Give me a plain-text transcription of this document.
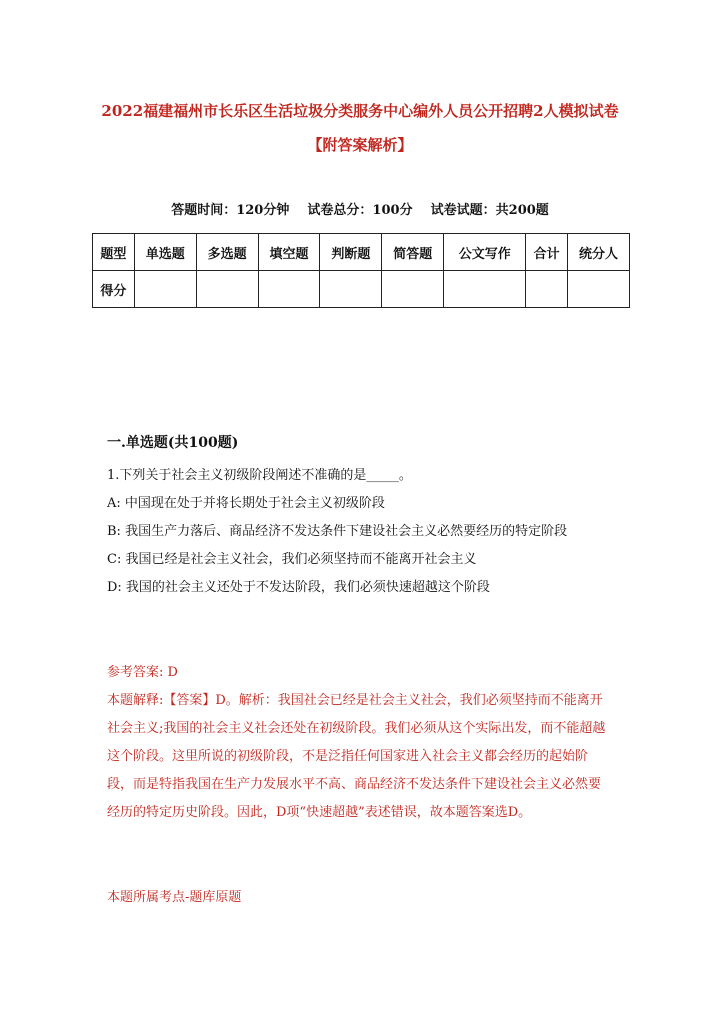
2022福建福州市长乐区生活垃圾分类服务中心编外人员公开招聘2人模拟试卷【附答案解析】
答题时间：120分钟    试卷总分：100分    试卷试题：共200题
题型	单选题	多选题	填空题	判断题	简答题	公文写作	合计	统分人
得分								
一.单选题(共100题)

1.下列关于社会主义初级阶段阐述不准确的是_____。

A: 中国现在处于并将长期处于社会主义初级阶段

B: 我国生产力落后、商品经济不发达条件下建设社会主义必然要经历的特定阶段

C: 我国已经是社会主义社会，我们必须坚持而不能离开社会主义

D: 我国的社会主义还处于不发达阶段，我们必须快速超越这个阶段

参考答案: D
本题解释:【答案】D。解析：我国社会已经是社会主义社会，我们必须坚持而不能离开社会主义;我国的社会主义社会还处在初级阶段。我们必须从这个实际出发，而不能超越这个阶段。这里所说的初级阶段，不是泛指任何国家进入社会主义都会经历的起始阶段，而是特指我国在生产力发展水平不高、商品经济不发达条件下建设社会主义必然要经历的特定历史阶段。因此，D项“快速超越”表述错误，故本题答案选D。
本题所属考点-题库原题
